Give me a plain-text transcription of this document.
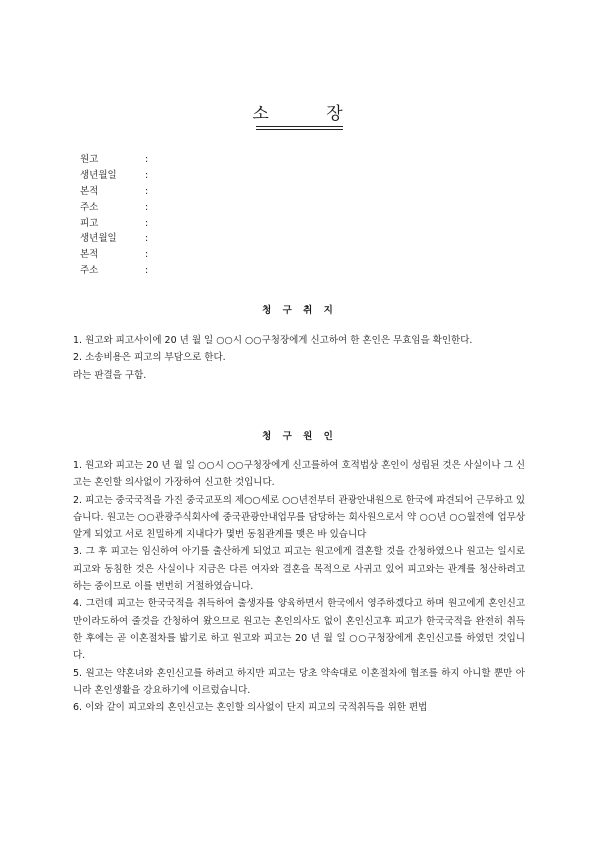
소 장
원고	:
생년월일	:
본적	:
주소	:
피고	:
생년월일	:
본적	:
주소	:
청 구 취 지

1. 원고와 피고사이에 20 년 월 일 ○○시 ○○구청장에게 신고하여 한 혼인은 무효임을 확인한다.

2. 소송비용은 피고의 부담으로 한다.

라는 판결을 구함.

청 구 원 인

1. 원고와 피고는 20 년 월 일 ○○시 ○○구청장에게 신고를하여 호적법상 혼인이 성립된 것은 사실이나 그 신고는 혼인할 의사없이 가장하여 신고한 것입니다.

2. 피고는 중국국적을 가진 중국교포의 제○○세로 ○○년전부터 관광안내원으로 한국에 파견되어 근무하고 있습니다. 원고는 ○○관광주식회사에 중국관광안내업무를 담당하는 회사원으로서 약 ○○년 ○○월전에 업무상 알게 되었고 서로 친밀하게 지내다가 몇번 동침관계를 맺은 바 있습니다

3. 그 후 피고는 임신하여 아기를 출산하게 되었고 피고는 원고에게 결혼할 것을 간청하였으나 원고는 일시로 피고와 동침한 것은 사실이나 지금은 다른 여자와 결혼을 목적으로 사귀고 있어 피고와는 관계를 청산하려고 하는 중이므로 이를 번번히 거절하였습니다.

4. 그런데 피고는 한국국적을 취득하여 출생자를 양육하면서 한국에서 영주하겠다고 하며 원고에게 혼인신고만이라도하여 줄것을 간청하여 왔으므로 원고는 혼인의사도 없이 혼인신고후 피고가 한국국적을 완전히 취득한 후에는 곧 이혼절차를 밟기로 하고 원고와 피고는 20 년 월 일 ○○구청장에게 혼인신고를 하였던 것입니다.

5. 원고는 약혼녀와 혼인신고를 하려고 하지만 피고는 당초 약속대로 이혼절차에 협조를 하지 아니할 뿐만 아니라 혼인생활을 강요하기에 이르렀습니다.

6. 이와 같이 피고와의 혼인신고는 혼인할 의사없이 단지 피고의 국적취득을 위한 편법
